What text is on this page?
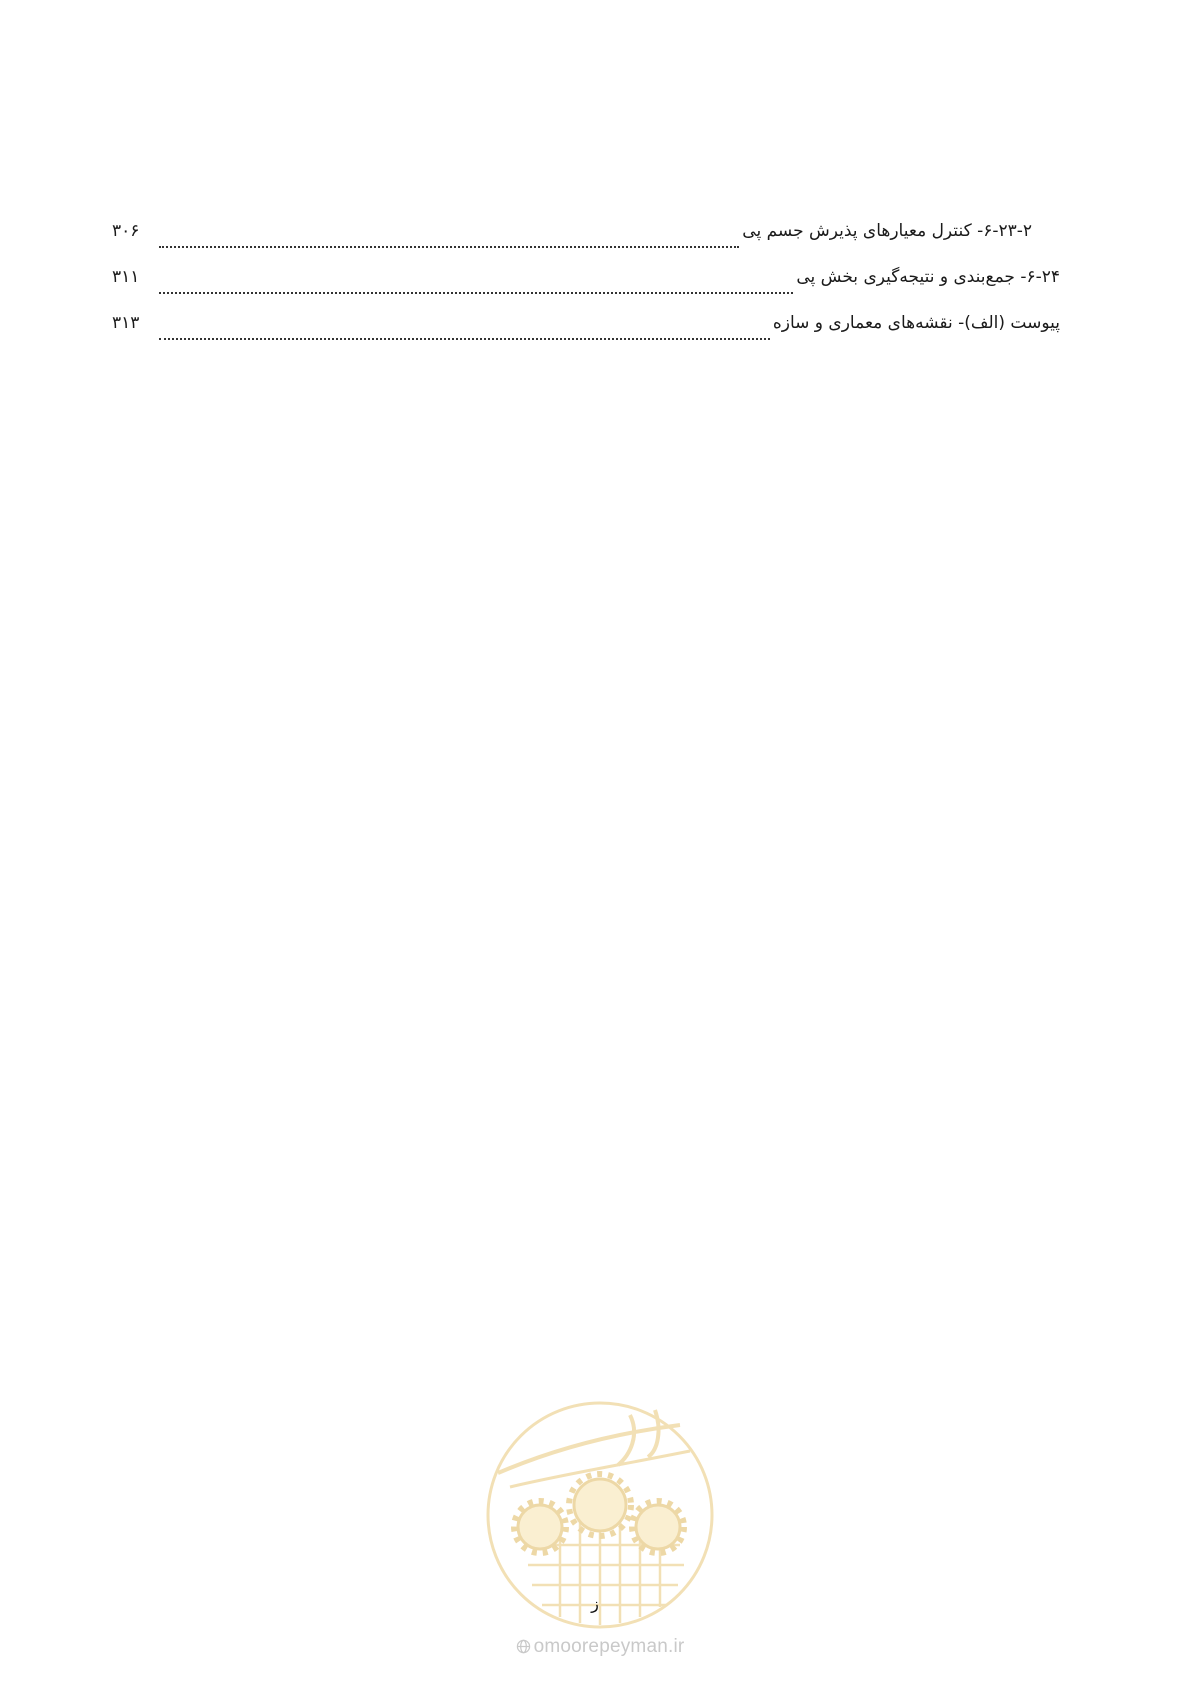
۶-۲۳-۲- کنترل معیارهای پذیرش جسم پی
۳۰۶
۶-۲۴- جمع‌بندی و نتیجه‌گیری بخش پی
۳۱۱
پیوست (الف)- نقشه‌های معماری و سازه
۳۱۳
ز
omoorepeyman.ir
